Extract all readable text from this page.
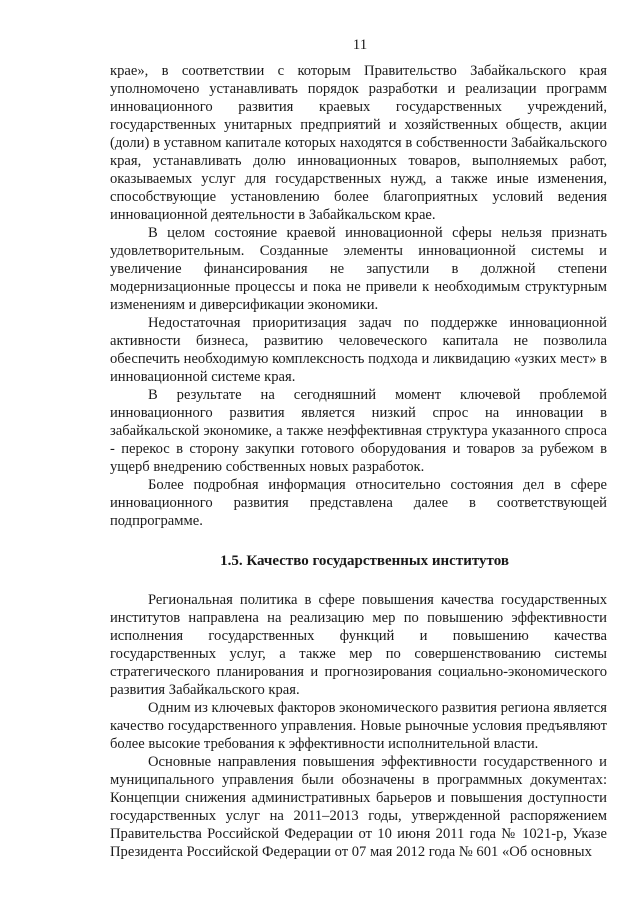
11

крае», в соответствии с которым Правительство Забайкальского края уполномочено устанавливать порядок разработки и реализации программ инновационного развития краевых государственных учреждений, государственных унитарных предприятий и хозяйственных обществ, акции (доли) в уставном капитале которых находятся в собственности Забайкальского края, устанавливать долю инновационных товаров, выполняемых работ, оказываемых услуг для государственных нужд, а также иные изменения, способствующие установлению более благоприятных условий ведения инновационной деятельности в Забайкальском крае.

В целом состояние краевой инновационной сферы нельзя признать удовлетворительным. Созданные элементы инновационной системы и увеличение финансирования не запустили в должной степени модернизационные процессы и пока не привели к необходимым структурным изменениям и диверсификации экономики.

Недостаточная приоритизация задач по поддержке инновационной активности бизнеса, развитию человеческого капитала не позволила обеспечить необходимую комплексность подхода и ликвидацию «узких мест» в инновационной системе края.

В результате на сегодняшний момент ключевой проблемой инновационного развития является низкий спрос на инновации в забайкальской экономике, а также неэффективная структура указанного спроса - перекос в сторону закупки готового оборудования и товаров за рубежом в ущерб внедрению собственных новых разработок.

Более подробная информация относительно состояния дел в сфере инновационного развития представлена далее в соответствующей подпрограмме.

1.5. Качество государственных институтов

Региональная политика в сфере повышения качества государственных институтов направлена на реализацию мер по повышению эффективности исполнения государственных функций и повышению качества государственных услуг, а также мер по совершенствованию системы стратегического планирования и прогнозирования социально-экономического развития Забайкальского края.

Одним из ключевых факторов экономического развития региона является качество государственного управления. Новые рыночные условия предъявляют более высокие требования к эффективности исполнительной власти.

Основные направления повышения эффективности государственного и муниципального управления были обозначены в программных документах: Концепции снижения административных барьеров и повышения доступности государственных услуг на 2011–2013 годы, утвержденной распоряжением Правительства Российской Федерации от 10 июня 2011 года № 1021-р, Указе Президента Российской Федерации от 07 мая 2012 года № 601 «Об основных
